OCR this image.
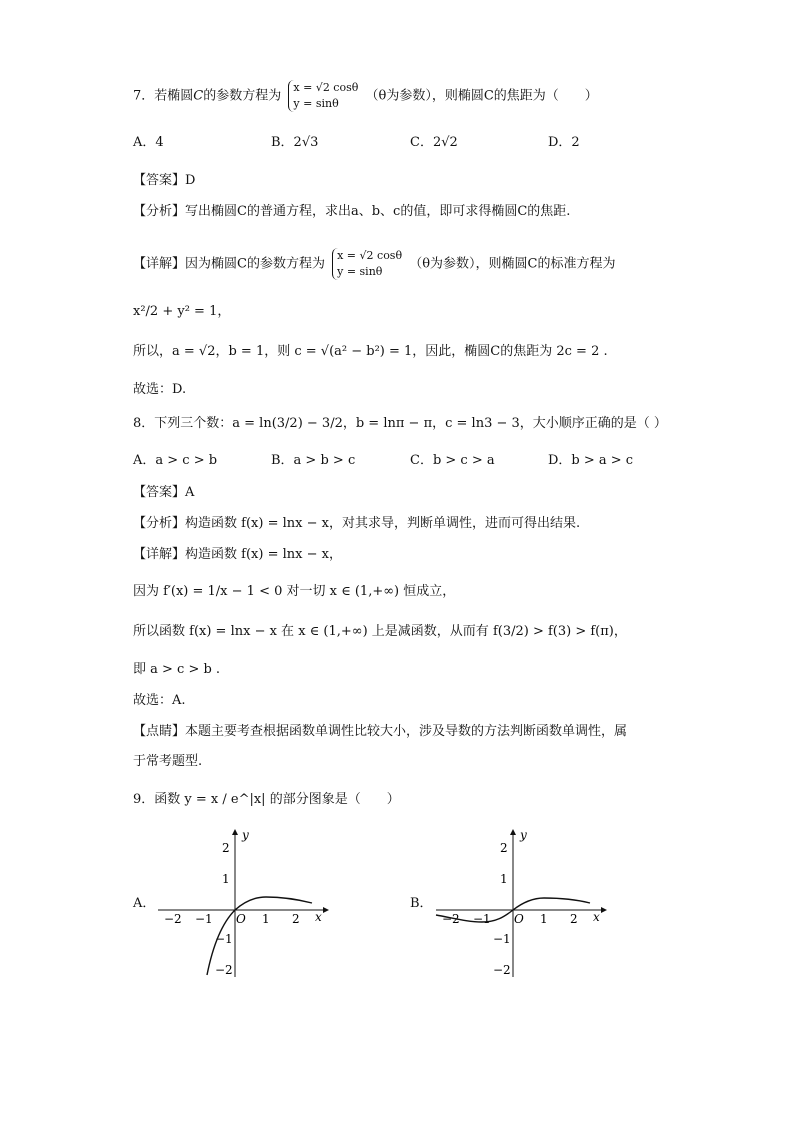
7．若椭圆C的参数方程为
x = √2 cosθ
y = sinθ	（θ为参数），则椭圆C的焦距为（　　）
A．4	B．2√3	C．2√2	D．2
【答案】D
【分析】写出椭圆C的普通方程，求出a、b、c的值，即可求得椭圆C的焦距.
【详解】因为椭圆C的参数方程为
x = √2 cosθ
y = sinθ	（θ为参数），则椭圆C的标准方程为
x²/2 + y² = 1，
所以，a = √2，b = 1，则 c = √(a² − b²) = 1，因此，椭圆C的焦距为 2c = 2 .
故选：D.
8．下列三个数：a = ln(3/2) − 3/2，b = lnπ − π，c = ln3 − 3，大小顺序正确的是（ ）
A．a > c > b	B．a > b > c	C．b > c > a	D．b > a > c
【答案】A
【分析】构造函数 f(x) = lnx − x，对其求导，判断单调性，进而可得出结果.
【详解】构造函数 f(x) = lnx − x，
因为 f′(x) = 1/x − 1 < 0 对一切 x ∈ (1,+∞) 恒成立，
所以函数 f(x) = lnx − x 在 x ∈ (1,+∞) 上是减函数，从而有 f(3/2) > f(3) > f(π)，
即 a > c > b .
故选：A.
【点睛】本题主要考查根据函数单调性比较大小，涉及导数的方法判断函数单调性，属
于常考题型.
9．函数 y = x / e^|x| 的部分图象是（　　）
A．	B．
y
x
O
−2 −1	1 2
2
1
−1
−2
y
x
O
−2 −1	1 2
2
1
−1
−2
